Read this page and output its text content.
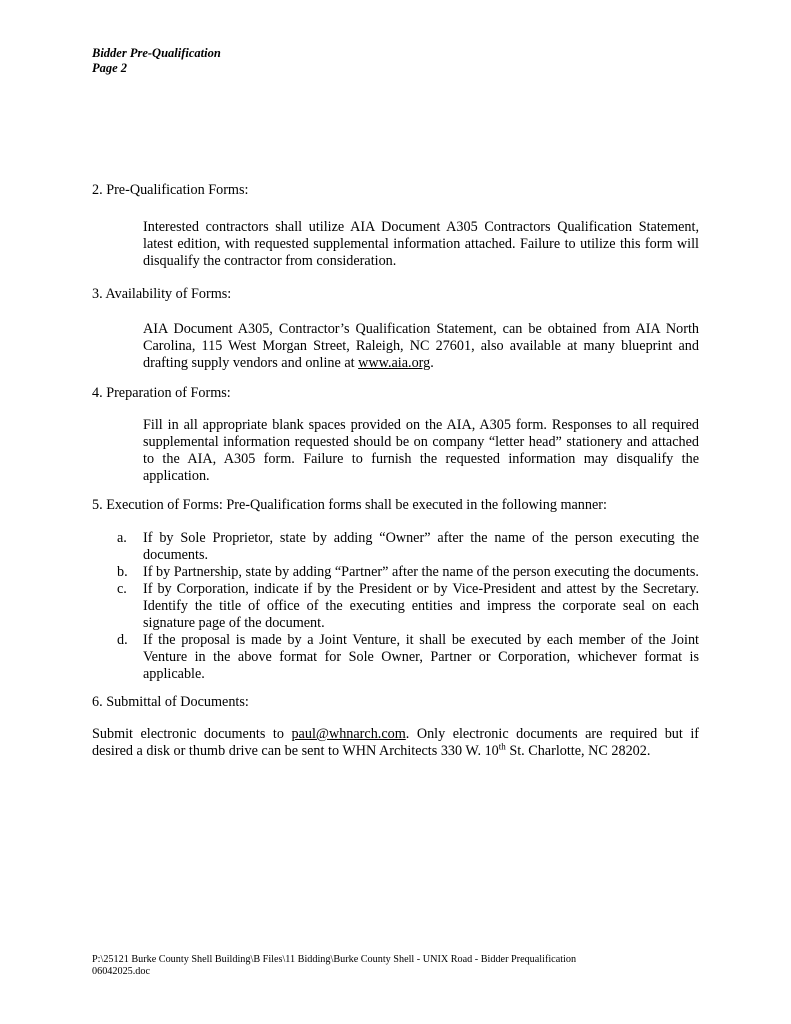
Bidder Pre-Qualification
Page 2
2. Pre-Qualification Forms:
Interested contractors shall utilize AIA Document A305 Contractors Qualification Statement, latest edition, with requested supplemental information attached. Failure to utilize this form will disqualify the contractor from consideration.
3. Availability of Forms:
AIA Document A305, Contractor’s Qualification Statement, can be obtained from AIA North Carolina, 115 West Morgan Street, Raleigh, NC 27601, also available at many blueprint and drafting supply vendors and online at www.aia.org.
4. Preparation of Forms:
Fill in all appropriate blank spaces provided on the AIA, A305 form. Responses to all required supplemental information requested should be on company “letter head” stationery and attached to the AIA, A305 form. Failure to furnish the requested information may disqualify the application.
5. Execution of Forms: Pre-Qualification forms shall be executed in the following manner:
a. If by Sole Proprietor, state by adding “Owner” after the name of the person executing the documents.
b. If by Partnership, state by adding “Partner” after the name of the person executing the documents.
c. If by Corporation, indicate if by the President or by Vice-President and attest by the Secretary. Identify the title of office of the executing entities and impress the corporate seal on each signature page of the document.
d. If the proposal is made by a Joint Venture, it shall be executed by each member of the Joint Venture in the above format for Sole Owner, Partner or Corporation, whichever format is applicable.
6. Submittal of Documents:
Submit electronic documents to paul@whnarch.com. Only electronic documents are required but if desired a disk or thumb drive can be sent to WHN Architects 330 W. 10th St. Charlotte, NC 28202.
P:\25121 Burke County Shell Building\B Files\11 Bidding\Burke County Shell - UNIX Road - Bidder Prequalification
06042025.doc
